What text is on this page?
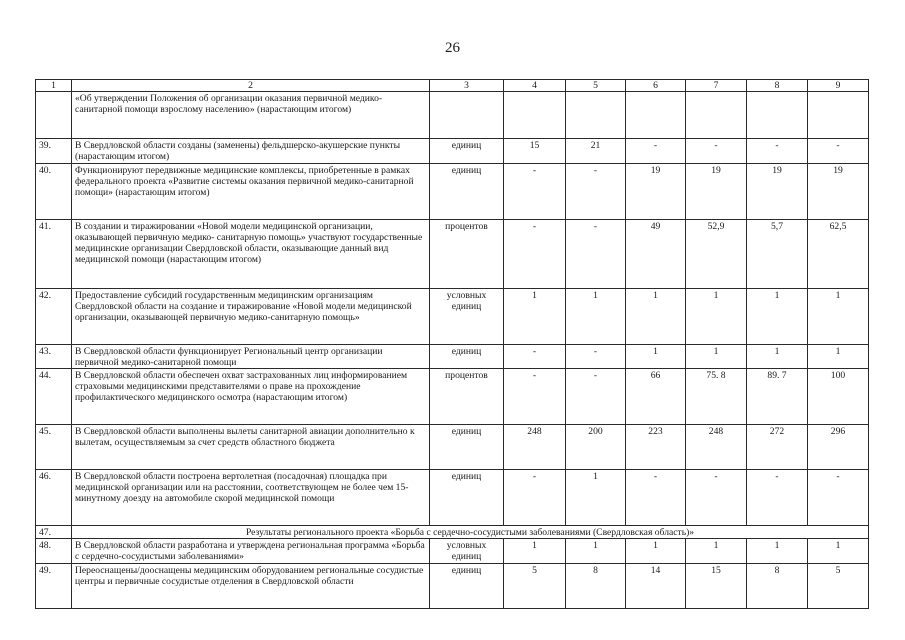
26
1	2	3	4	5	6	7	8	9
	«Об утверждении Положения об организации оказания первичной медико-санитарной помощи взрослому населению» (нарастающим итогом)							
39.	В Свердловской области созданы (заменены) фельдшерско-акушерские пункты (нарастающим итогом)	единиц	15	21	-	-	-	-
40.	Функционируют передвижные медицинские комплексы, приобретенные в рамках федерального проекта «Развитие системы оказания первичной медико-санитарной помощи» (нарастающим итогом)	единиц	-	-	19	19	19	19
41.	В создании и тиражировании «Новой модели медицинской организации, оказывающей первичную медико- санитарную помощь» участвуют государственные медицинские организации Свердловской области, оказывающие данный вид медицинской помощи (нарастающим итогом)	процентов	-	-	49	52,9	5,7	62,5
42.	Предоставление субсидий государственным медицинским организациям Свердловской области на создание и тиражирование «Новой модели медицинской организации, оказывающей первичную медико-санитарную помощь»	условных единиц	1	1	1	1	1	1
43.	В Свердловской области функционирует Региональный центр организации первичной медико-санитарной помощи	единиц	-	-	1	1	1	1
44.	В Свердловской области обеспечен охват застрахованных лиц информированием страховыми медицинскими представителями о праве на прохождение профилактического медицинского осмотра (нарастающим итогом)	процентов	-	-	66	75. 8	89. 7	100
45.	В Свердловской области выполнены вылеты санитарной авиации дополнительно к вылетам, осуществляемым за счет средств областного бюджета	единиц	248	200	223	248	272	296
46.	В Свердловской области построена вертолетная (посадочная) площадка при медицинской организации или на расстоянии, соответствующем не более чем 15-минутному доезду на автомобиле скорой медицинской помощи	единиц	-	1	-	-	-	-
47.	Результаты регионального проекта «Борьба с сердечно-сосудистыми заболеваниями (Свердловская область)»							
48.	В Свердловской области разработана и утверждена региональная программа «Борьба с сердечно-сосудистыми заболеваниями»	условных единиц	1	1	1	1	1	1
49.	Переоснащены/дооснащены медицинским оборудованием региональные сосудистые центры и первичные сосудистые отделения в Свердловской области	единиц	5	8	14	15	8	5
